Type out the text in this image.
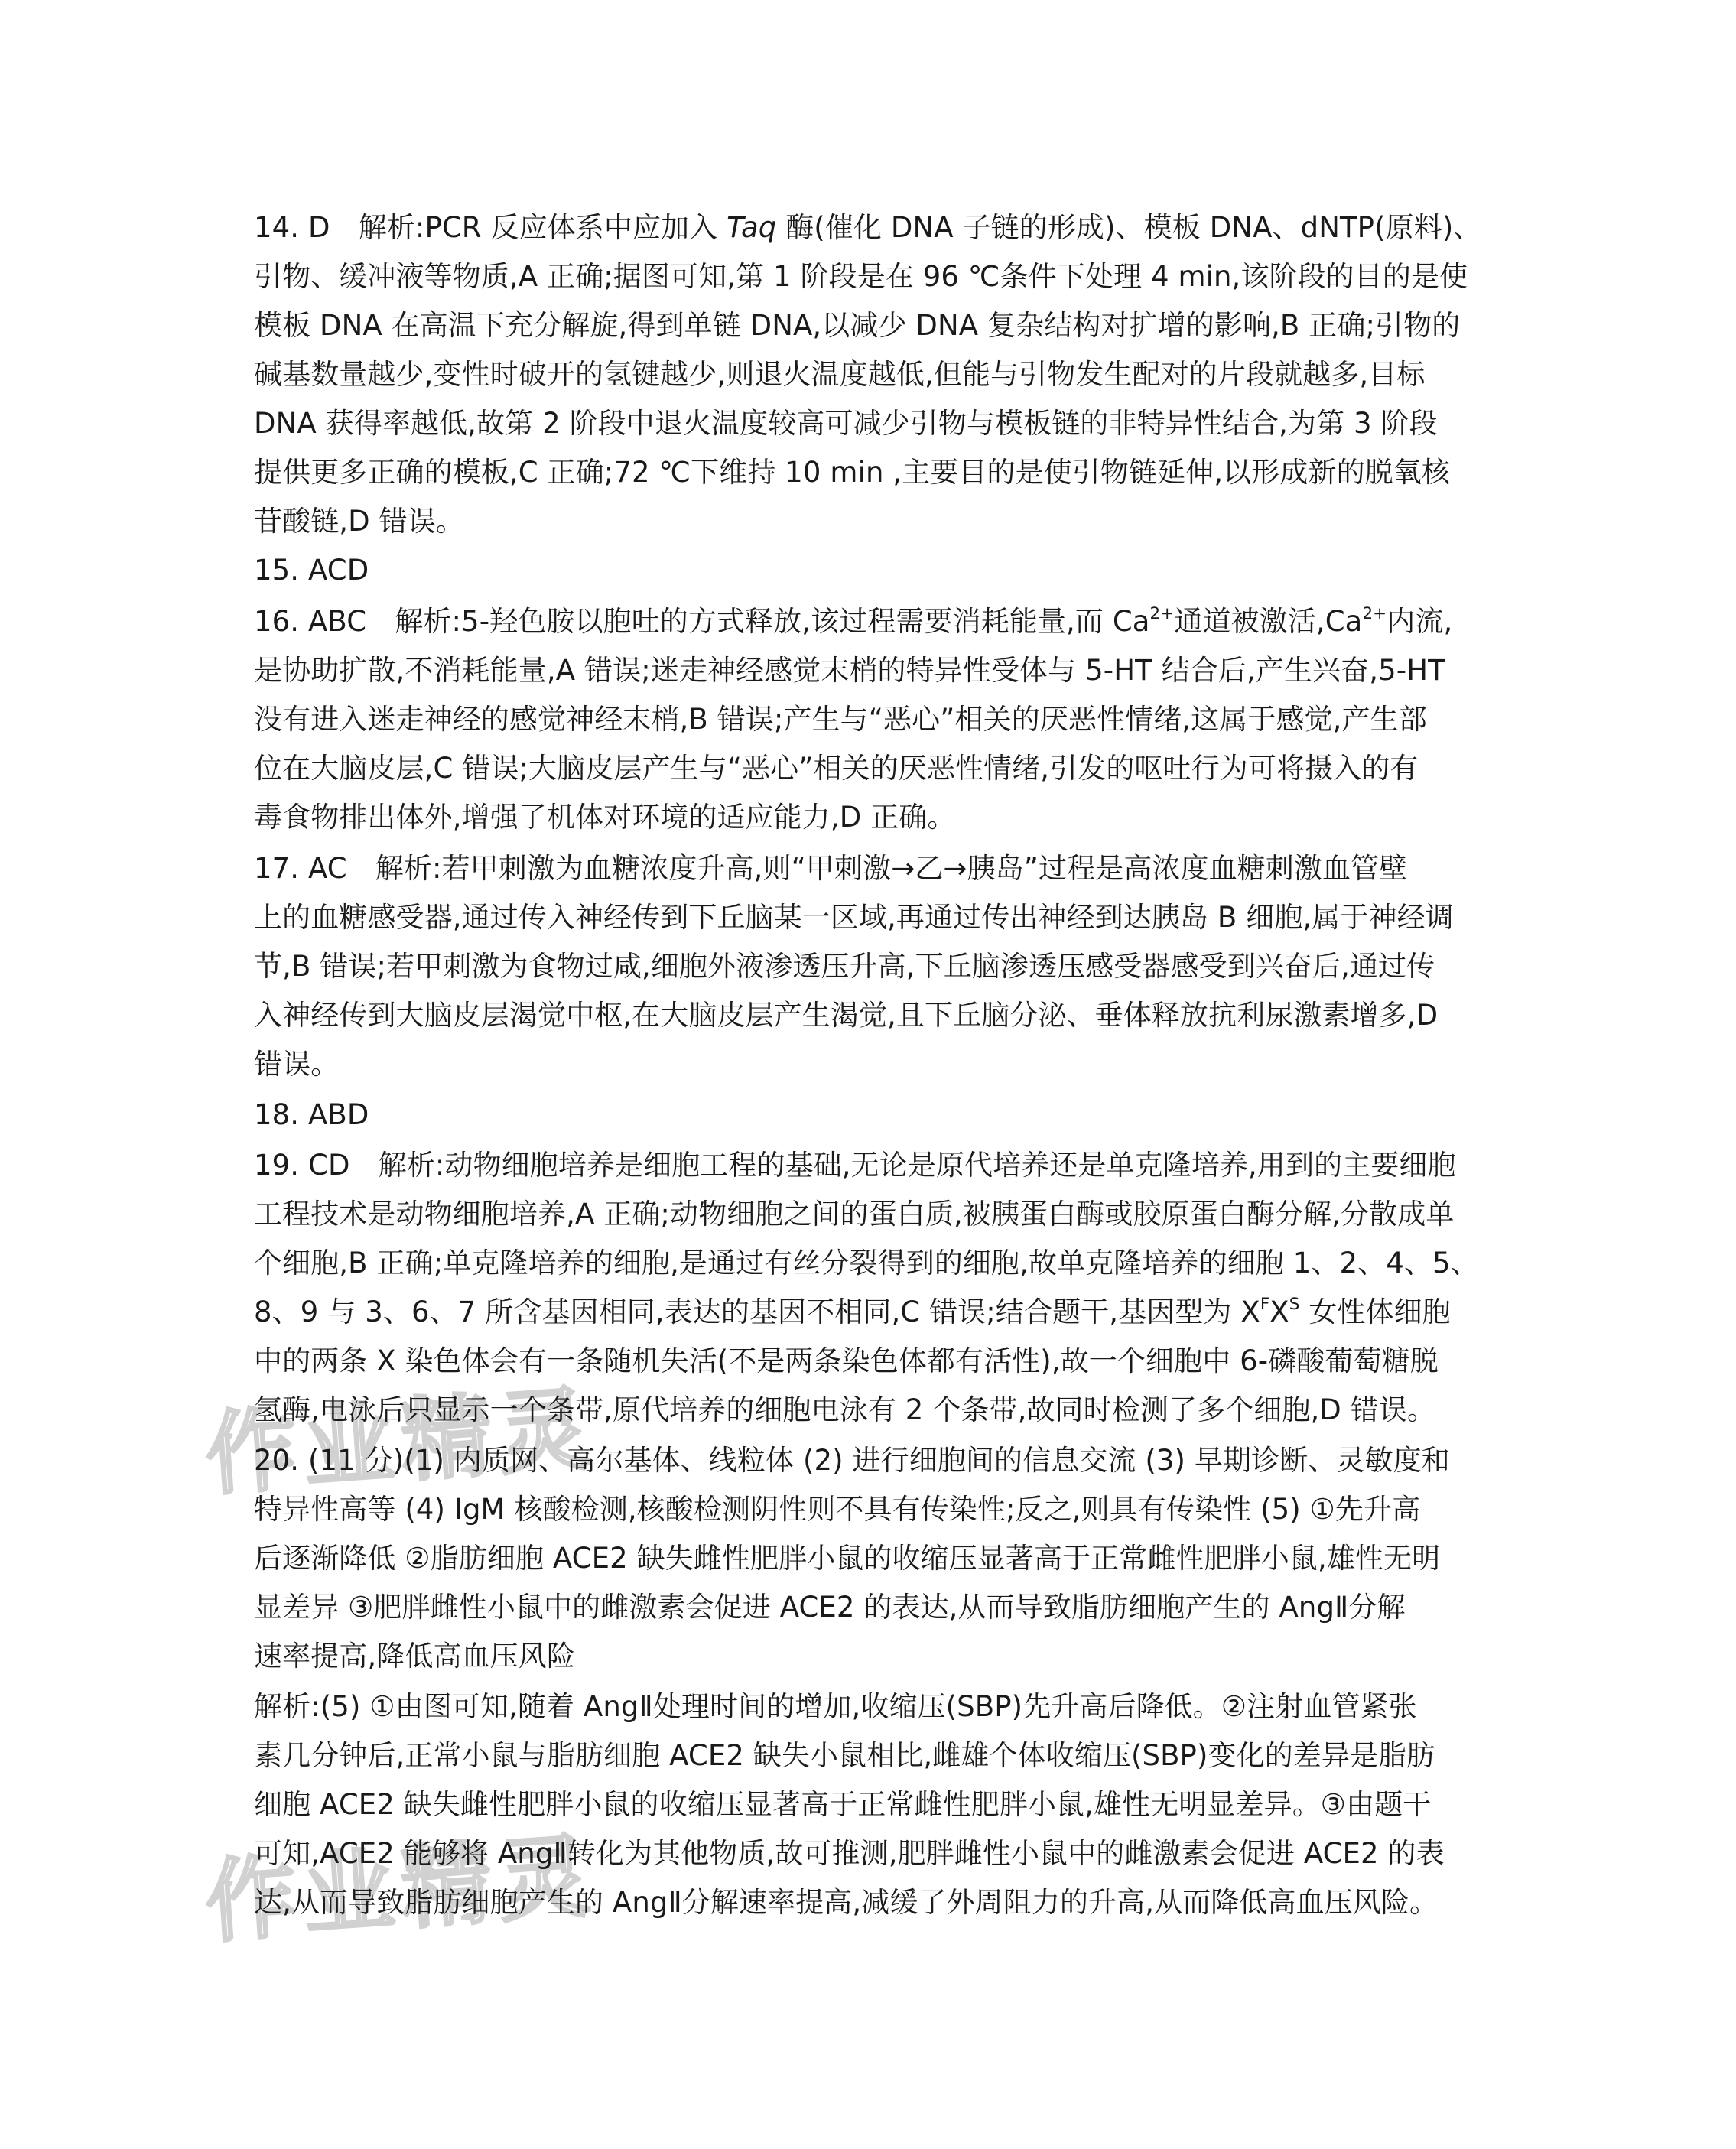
作业精灵
作业精灵
14. D　解析:PCR 反应体系中应加入 Taq 酶(催化 DNA 子链的形成)、模板 DNA、dNTP(原料)、
引物、缓冲液等物质,A 正确;据图可知,第 1 阶段是在 96 ℃条件下处理 4 min,该阶段的目的是使
模板 DNA 在高温下充分解旋,得到单链 DNA,以减少 DNA 复杂结构对扩增的影响,B 正确;引物的
碱基数量越少,变性时破开的氢键越少,则退火温度越低,但能与引物发生配对的片段就越多,目标
DNA 获得率越低,故第 2 阶段中退火温度较高可减少引物与模板链的非特异性结合,为第 3 阶段
提供更多正确的模板,C 正确;72 ℃下维持 10 min ,主要目的是使引物链延伸,以形成新的脱氧核
苷酸链,D 错误。
15. ACD
16. ABC　解析:5-羟色胺以胞吐的方式释放,该过程需要消耗能量,而 $Ca^{2+}$通道被激活$,Ca^{2+}$内流,
是协助扩散,不消耗能量,A 错误;迷走神经感觉末梢的特异性受体与 5-HT 结合后,产生兴奋,5-HT
没有进入迷走神经的感觉神经末梢,B 错误;产生与“恶心”相关的厌恶性情绪,这属于感觉,产生部
位在大脑皮层,C 错误;大脑皮层产生与“恶心”相关的厌恶性情绪,引发的呕吐行为可将摄入的有
毒食物排出体外,增强了机体对环境的适应能力,D 正确。
17. AC　解析:若甲刺激为血糖浓度升高,则“甲刺激→乙→胰岛”过程是高浓度血糖刺激血管壁
上的血糖感受器,通过传入神经传到下丘脑某一区域,再通过传出神经到达胰岛 B 细胞,属于神经调
节,B 错误;若甲刺激为食物过咸,细胞外液渗透压升高,下丘脑渗透压感受器感受到兴奋后,通过传
入神经传到大脑皮层渴觉中枢,在大脑皮层产生渴觉,且下丘脑分泌、垂体释放抗利尿激素增多,D
错误。
18. ABD
19. CD　解析:动物细胞培养是细胞工程的基础,无论是原代培养还是单克隆培养,用到的主要细胞
工程技术是动物细胞培养,A 正确;动物细胞之间的蛋白质,被胰蛋白酶或胶原蛋白酶分解,分散成单
个细胞,B 正确;单克隆培养的细胞,是通过有丝分裂得到的细胞,故单克隆培养的细胞 1、2、4、5、
8、9 与 3、6、7 所含基因相同,表达的基因不相同,C 错误;结合题干,基因型为 $X^FX^S$ 女性体细胞
中的两条 X 染色体会有一条随机失活(不是两条染色体都有活性),故一个细胞中 6-磷酸葡萄糖脱
氢酶,电泳后只显示一个条带,原代培养的细胞电泳有 2 个条带,故同时检测了多个细胞,D 错误。
20. (11 分)(1) 内质网、高尔基体、线粒体 (2) 进行细胞间的信息交流 (3) 早期诊断、灵敏度和
特异性高等 (4) IgM 核酸检测,核酸检测阴性则不具有传染性;反之,则具有传染性 (5) ①先升高
后逐渐降低 ②脂肪细胞 ACE2 缺失雌性肥胖小鼠的收缩压显著高于正常雌性肥胖小鼠,雄性无明
显差异 ③肥胖雌性小鼠中的雌激素会促进 ACE2 的表达,从而导致脂肪细胞产生的 AngⅡ分解
速率提高,降低高血压风险
解析:(5) ①由图可知,随着 AngⅡ处理时间的增加,收缩压(SBP)先升高后降低。②注射血管紧张
素几分钟后,正常小鼠与脂肪细胞 ACE2 缺失小鼠相比,雌雄个体收缩压(SBP)变化的差异是脂肪
细胞 ACE2 缺失雌性肥胖小鼠的收缩压显著高于正常雌性肥胖小鼠,雄性无明显差异。③由题干
可知,ACE2 能够将 AngⅡ转化为其他物质,故可推测,肥胖雌性小鼠中的雌激素会促进 ACE2 的表
达,从而导致脂肪细胞产生的 AngⅡ分解速率提高,减缓了外周阻力的升高,从而降低高血压风险。
